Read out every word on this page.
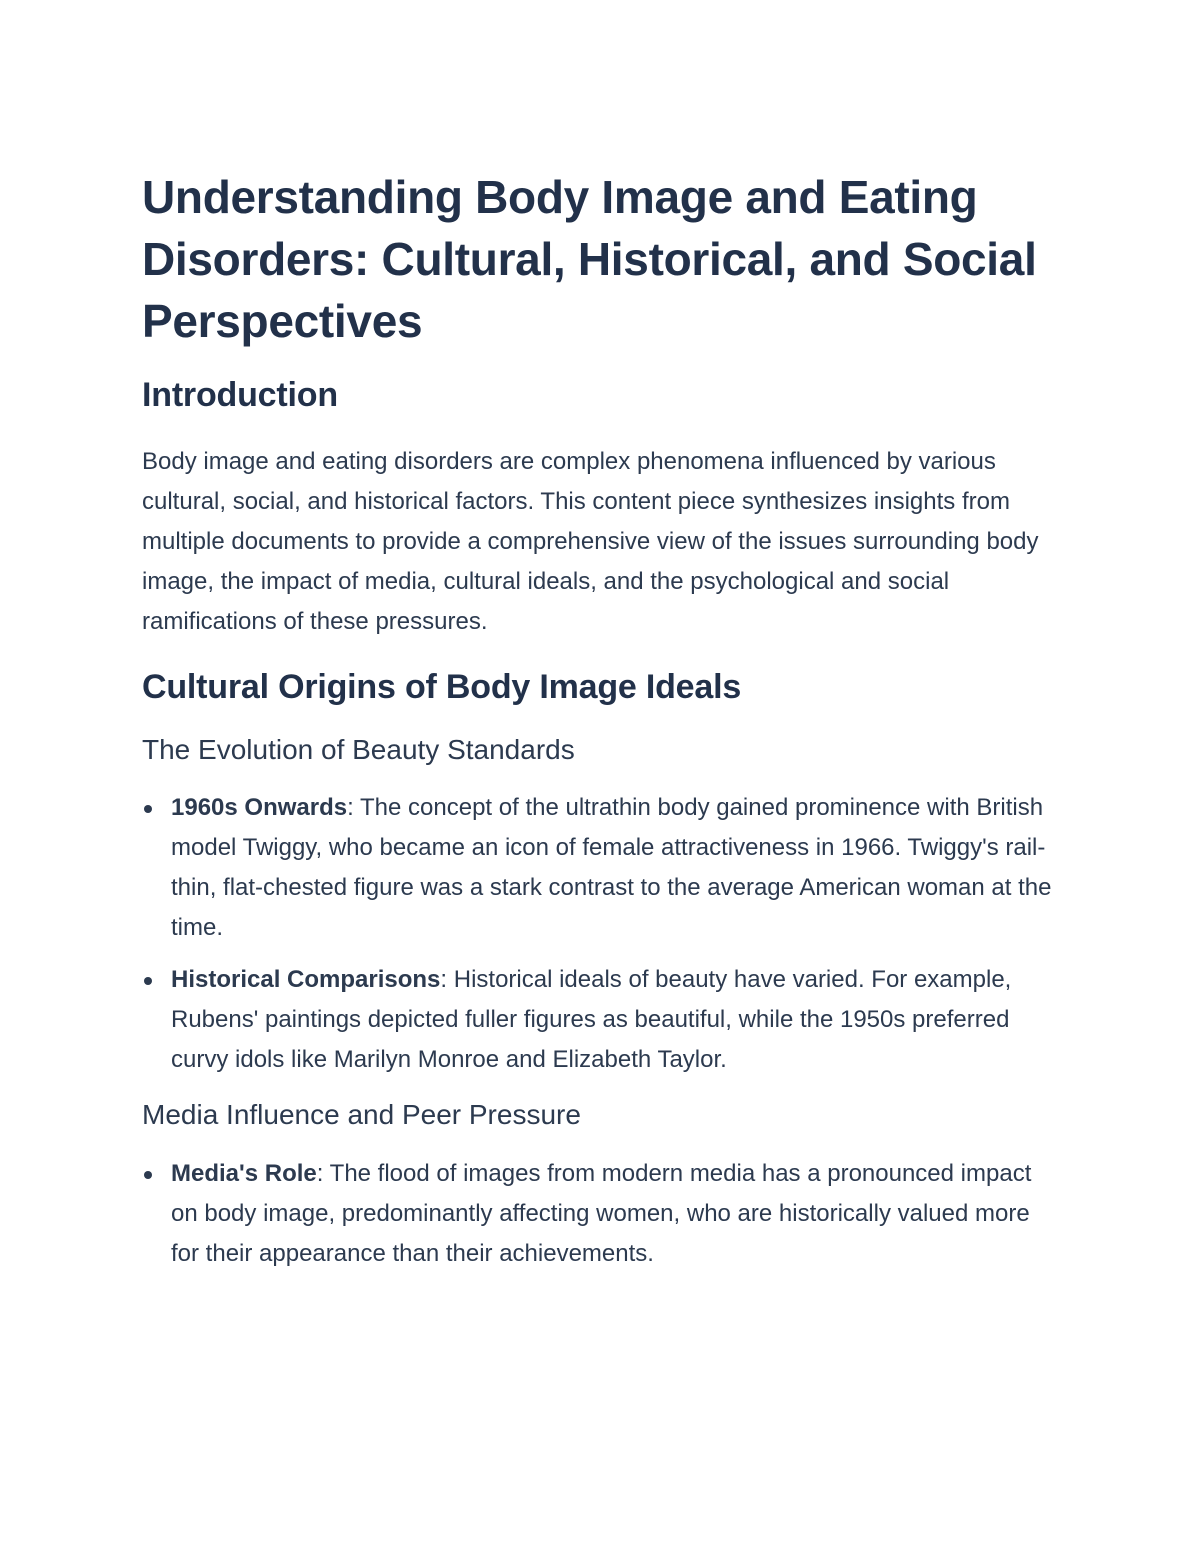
Understanding Body Image and Eating Disorders: Cultural, Historical, and Social Perspectives
Introduction

Body image and eating disorders are complex phenomena influenced by various cultural, social, and historical factors. This content piece synthesizes insights from multiple documents to provide a comprehensive view of the issues surrounding body image, the impact of media, cultural ideals, and the psychological and social ramifications of these pressures.

Cultural Origins of Body Image Ideals
The Evolution of Beauty Standards
1960s Onwards: The concept of the ultrathin body gained prominence with British model Twiggy, who became an icon of female attractiveness in 1966. Twiggy's rail-thin, flat-chested figure was a stark contrast to the average American woman at the time.
Historical Comparisons: Historical ideals of beauty have varied. For example, Rubens' paintings depicted fuller figures as beautiful, while the 1950s preferred curvy idols like Marilyn Monroe and Elizabeth Taylor.
Media Influence and Peer Pressure
Media's Role: The flood of images from modern media has a pronounced impact on body image, predominantly affecting women, who are historically valued more for their appearance than their achievements.
